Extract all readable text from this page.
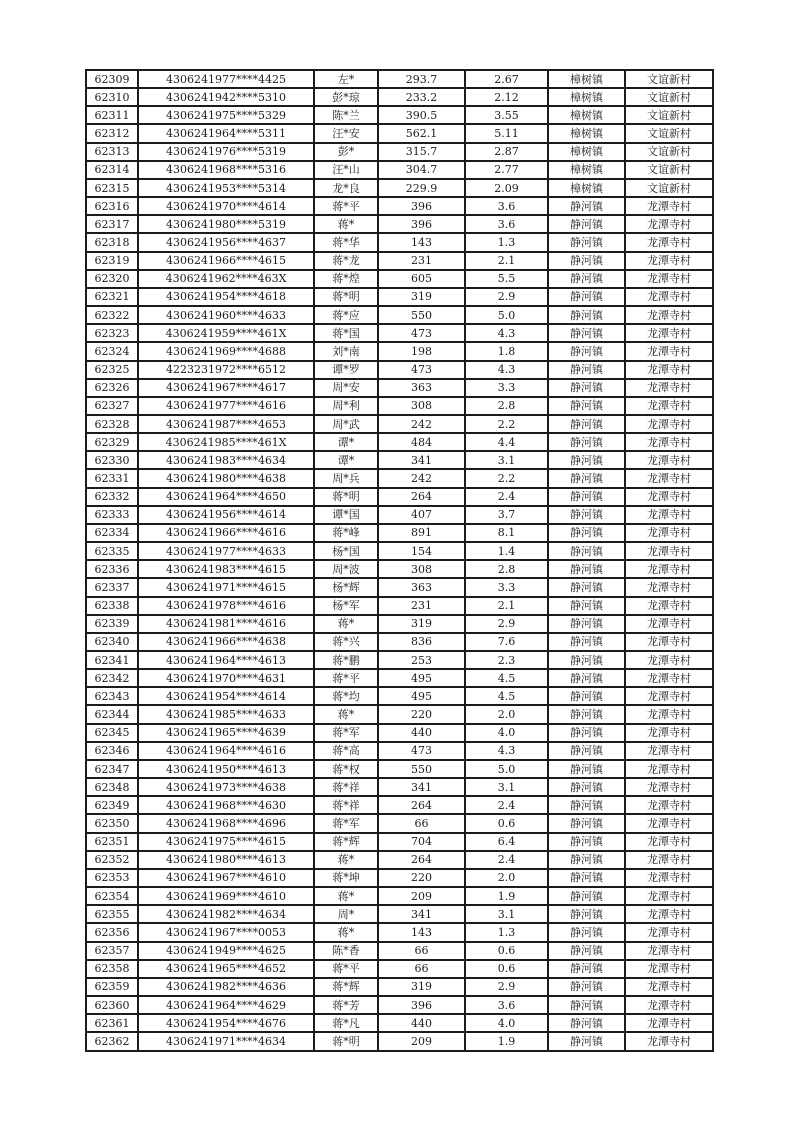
62309	4306241977****4425	左*	293.7	2.67	樟树镇	文谊新村
62310	4306241942****5310	彭*琼	233.2	2.12	樟树镇	文谊新村
62311	4306241975****5329	陈*兰	390.5	3.55	樟树镇	文谊新村
62312	4306241964****5311	汪*安	562.1	5.11	樟树镇	文谊新村
62313	4306241976****5319	彭*	315.7	2.87	樟树镇	文谊新村
62314	4306241968****5316	汪*山	304.7	2.77	樟树镇	文谊新村
62315	4306241953****5314	龙*良	229.9	2.09	樟树镇	文谊新村
62316	4306241970****4614	蒋*平	396	3.6	静河镇	龙潭寺村
62317	4306241980****5319	蒋*	396	3.6	静河镇	龙潭寺村
62318	4306241956****4637	蒋*华	143	1.3	静河镇	龙潭寺村
62319	4306241966****4615	蒋*龙	231	2.1	静河镇	龙潭寺村
62320	4306241962****463X	蒋*煌	605	5.5	静河镇	龙潭寺村
62321	4306241954****4618	蒋*明	319	2.9	静河镇	龙潭寺村
62322	4306241960****4633	蒋*应	550	5.0	静河镇	龙潭寺村
62323	4306241959****461X	蒋*国	473	4.3	静河镇	龙潭寺村
62324	4306241969****4688	刘*南	198	1.8	静河镇	龙潭寺村
62325	4223231972****6512	谭*罗	473	4.3	静河镇	龙潭寺村
62326	4306241967****4617	周*安	363	3.3	静河镇	龙潭寺村
62327	4306241977****4616	周*利	308	2.8	静河镇	龙潭寺村
62328	4306241987****4653	周*武	242	2.2	静河镇	龙潭寺村
62329	4306241985****461X	谭*	484	4.4	静河镇	龙潭寺村
62330	4306241983****4634	谭*	341	3.1	静河镇	龙潭寺村
62331	4306241980****4638	周*兵	242	2.2	静河镇	龙潭寺村
62332	4306241964****4650	蒋*明	264	2.4	静河镇	龙潭寺村
62333	4306241956****4614	谭*国	407	3.7	静河镇	龙潭寺村
62334	4306241966****4616	蒋*峰	891	8.1	静河镇	龙潭寺村
62335	4306241977****4633	杨*国	154	1.4	静河镇	龙潭寺村
62336	4306241983****4615	周*波	308	2.8	静河镇	龙潭寺村
62337	4306241971****4615	杨*辉	363	3.3	静河镇	龙潭寺村
62338	4306241978****4616	杨*军	231	2.1	静河镇	龙潭寺村
62339	4306241981****4616	蒋*	319	2.9	静河镇	龙潭寺村
62340	4306241966****4638	蒋*兴	836	7.6	静河镇	龙潭寺村
62341	4306241964****4613	蒋*鹏	253	2.3	静河镇	龙潭寺村
62342	4306241970****4631	蒋*平	495	4.5	静河镇	龙潭寺村
62343	4306241954****4614	蒋*均	495	4.5	静河镇	龙潭寺村
62344	4306241985****4633	蒋*	220	2.0	静河镇	龙潭寺村
62345	4306241965****4639	蒋*军	440	4.0	静河镇	龙潭寺村
62346	4306241964****4616	蒋*高	473	4.3	静河镇	龙潭寺村
62347	4306241950****4613	蒋*权	550	5.0	静河镇	龙潭寺村
62348	4306241973****4638	蒋*祥	341	3.1	静河镇	龙潭寺村
62349	4306241968****4630	蒋*祥	264	2.4	静河镇	龙潭寺村
62350	4306241968****4696	蒋*军	66	0.6	静河镇	龙潭寺村
62351	4306241975****4615	蒋*辉	704	6.4	静河镇	龙潭寺村
62352	4306241980****4613	蒋*	264	2.4	静河镇	龙潭寺村
62353	4306241967****4610	蒋*坤	220	2.0	静河镇	龙潭寺村
62354	4306241969****4610	蒋*	209	1.9	静河镇	龙潭寺村
62355	4306241982****4634	周*	341	3.1	静河镇	龙潭寺村
62356	4306241967****0053	蒋*	143	1.3	静河镇	龙潭寺村
62357	4306241949****4625	陈*香	66	0.6	静河镇	龙潭寺村
62358	4306241965****4652	蒋*平	66	0.6	静河镇	龙潭寺村
62359	4306241982****4636	蒋*辉	319	2.9	静河镇	龙潭寺村
62360	4306241964****4629	蒋*芳	396	3.6	静河镇	龙潭寺村
62361	4306241954****4676	蒋*凡	440	4.0	静河镇	龙潭寺村
62362	4306241971****4634	蒋*明	209	1.9	静河镇	龙潭寺村
